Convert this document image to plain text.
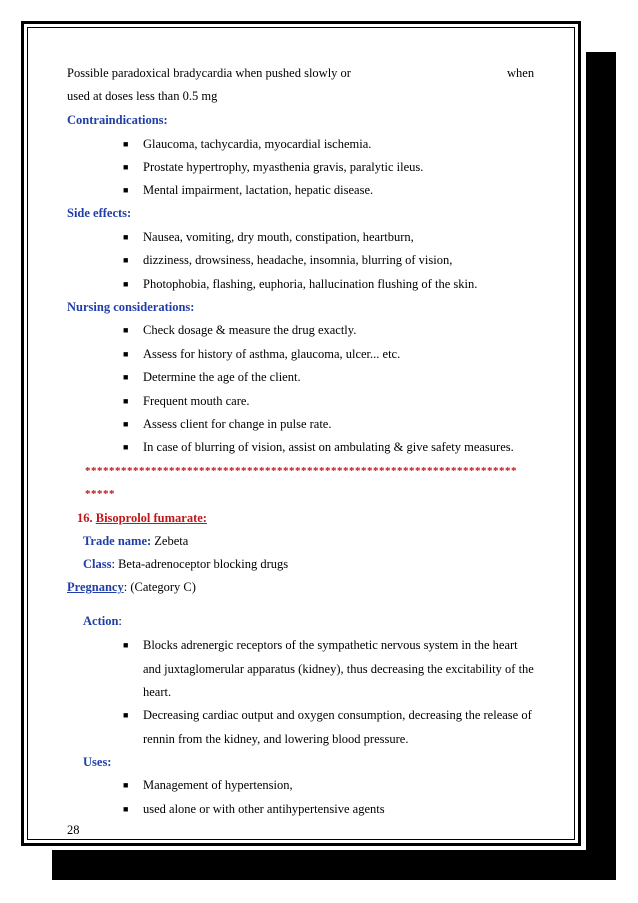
Possible paradoxical bradycardia when pushed slowly or	when
used at doses less than 0.5 mg
Contraindications:
■ Glaucoma, tachycardia, myocardial ischemia.
■ Prostate hypertrophy, myasthenia gravis, paralytic ileus.
■ Mental impairment, lactation, hepatic disease.
Side effects:
■ Nausea, vomiting, dry mouth, constipation, heartburn,
■ dizziness, drowsiness, headache, insomnia, blurring of vision,
■ Photophobia, flashing, euphoria, hallucination flushing of the skin.
Nursing considerations:
■ Check dosage & measure the drug exactly.
■ Assess for history of asthma, glaucoma, ulcer... etc.
■ Determine the age of the client.
■ Frequent mouth care.
■ Assess client for change in pulse rate.
■ In case of blurring of vision, assist on ambulating & give safety measures.
************************************************************************
*****
16. Bisoprolol fumarate:
Trade name: Zebeta
Class: Beta-adrenoceptor blocking drugs
Pregnancy: (Category C)
Action:
■ Blocks adrenergic receptors of the sympathetic nervous system in the heart
and juxtaglomerular apparatus (kidney), thus decreasing the excitability of the
heart.
■ Decreasing cardiac output and oxygen consumption, decreasing the release of
rennin from the kidney, and lowering blood pressure.
Uses:
■ Management of hypertension,
■ used alone or with other antihypertensive agents
28
